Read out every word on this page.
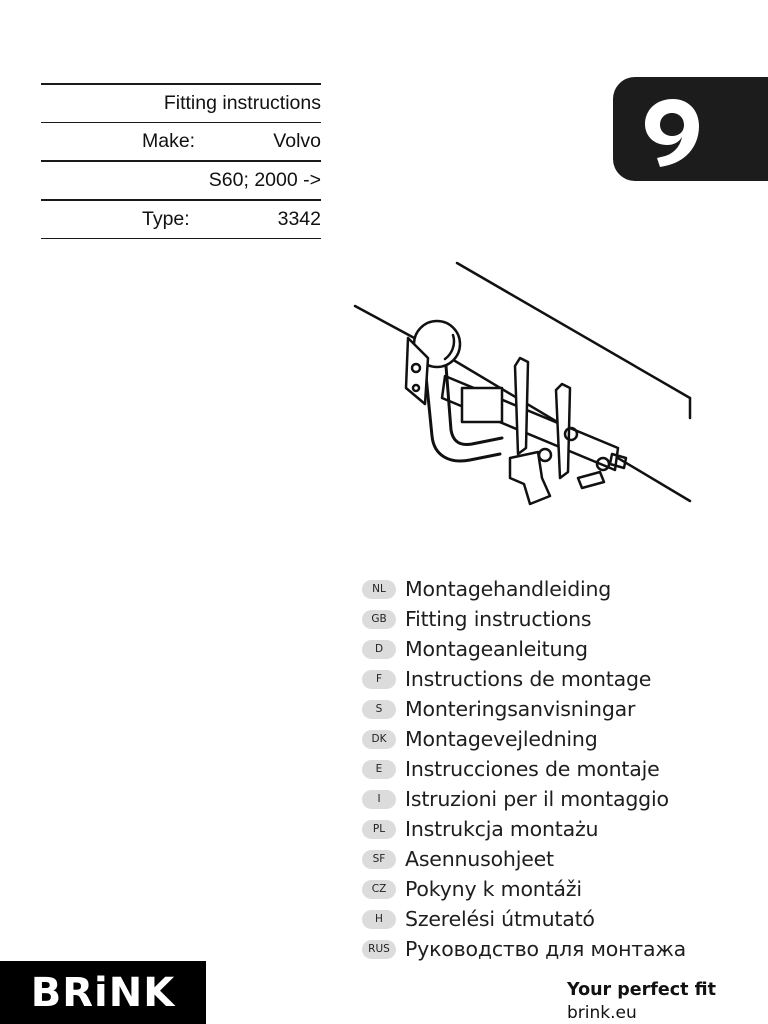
Fitting instructions
Make:	Volvo
S60; 2000 ->
Type:	3342
NL Montagehandleiding
GB Fitting instructions
D	Montageanleitung
F	Instructions de montage
S	Monteringsanvisningar
DK Montagevejledning
E	Instrucciones de montaje
I	Istruzioni per il montaggio
PL Instrukcja montażu
SF Asennusohjeet
CZ Pokyny k montáži
H	Szerelési útmutató
RUS Руководство для монтажа
BRiNK	Your perfect fit
brink.eu
